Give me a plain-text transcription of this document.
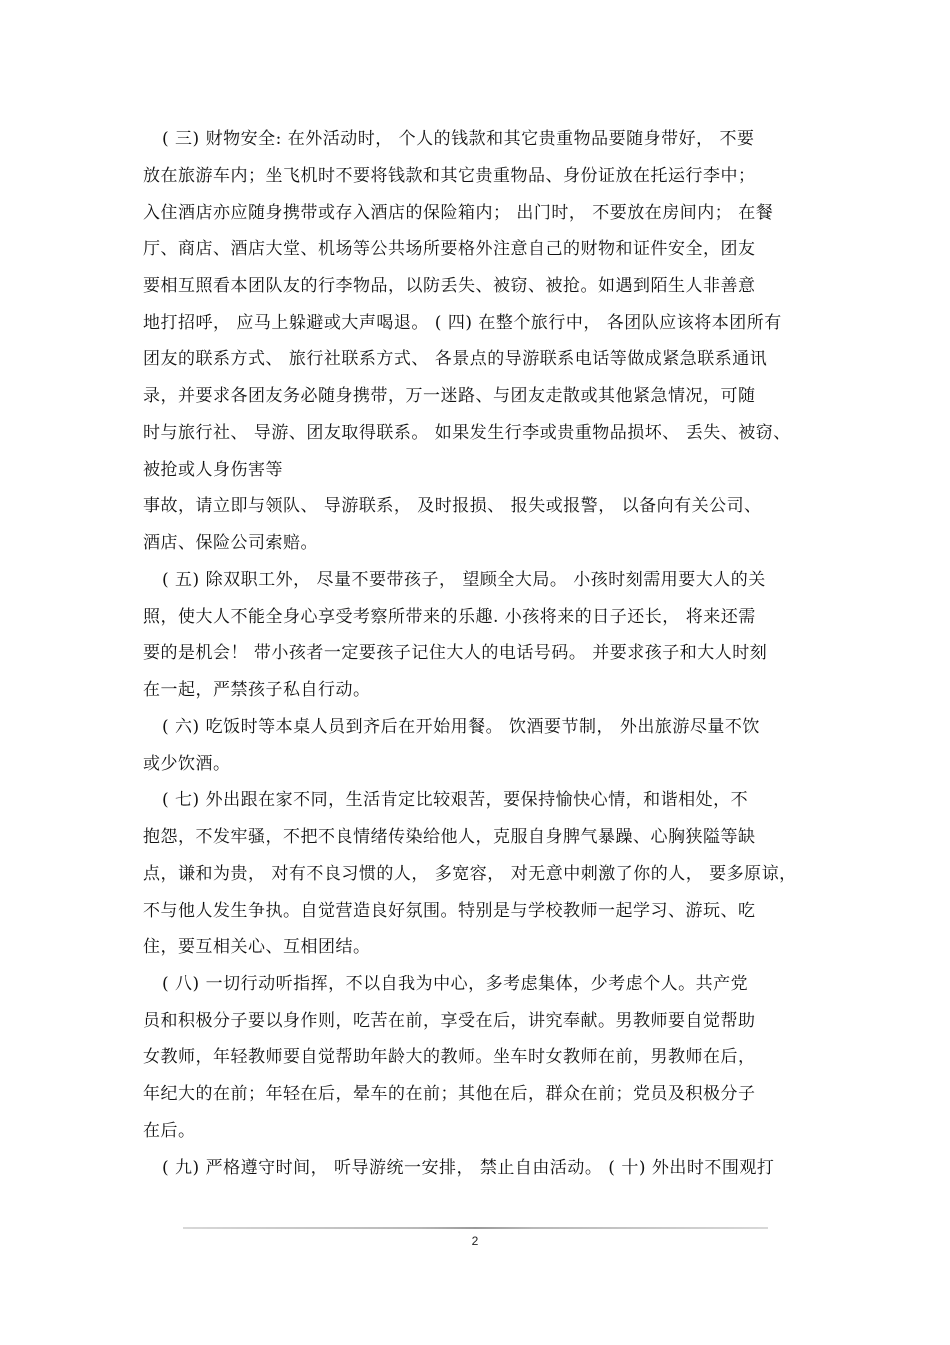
( 三) 财物安全: 在外活动时， 个人的钱款和其它贵重物品要随身带好， 不要
放在旅游车内；坐飞机时不要将钱款和其它贵重物品、身份证放在托运行李中；
入住酒店亦应随身携带或存入酒店的保险箱内； 出门时， 不要放在房间内； 在餐
厅、商店、酒店大堂、机场等公共场所要格外注意自己的财物和证件安全，团友
要相互照看本团队友的行李物品，以防丢失、被窃、被抢。如遇到陌生人非善意
地打招呼， 应马上躲避或大声喝退。 ( 四) 在整个旅行中， 各团队应该将本团所有
团友的联系方式、 旅行社联系方式、 各景点的导游联系电话等做成紧急联系通讯
录，并要求各团友务必随身携带，万一迷路、与团友走散或其他紧急情况，可随
时与旅行社、 导游、团友取得联系。 如果发生行李或贵重物品损坏、 丢失、被窃、
被抢或人身伤害等
事故，请立即与领队、 导游联系， 及时报损、 报失或报警， 以备向有关公司、
酒店、保险公司索赔。
( 五) 除双职工外， 尽量不要带孩子， 望顾全大局。 小孩时刻需用要大人的关
照，使大人不能全身心享受考察所带来的乐趣. 小孩将来的日子还长， 将来还需
要的是机会！ 带小孩者一定要孩子记住大人的电话号码。 并要求孩子和大人时刻
在一起，严禁孩子私自行动。
( 六) 吃饭时等本桌人员到齐后在开始用餐。 饮酒要节制， 外出旅游尽量不饮
或少饮酒。
( 七) 外出跟在家不同，生活肯定比较艰苦，要保持愉快心情，和谐相处，不
抱怨，不发牢骚，不把不良情绪传染给他人，克服自身脾气暴躁、心胸狭隘等缺
点，谦和为贵， 对有不良习惯的人， 多宽容， 对无意中刺激了你的人， 要多原谅，
不与他人发生争执。自觉营造良好氛围。特别是与学校教师一起学习、游玩、吃
住，要互相关心、互相团结。
( 八) 一切行动听指挥，不以自我为中心，多考虑集体，少考虑个人。共产党
员和积极分子要以身作则，吃苦在前，享受在后，讲究奉献。男教师要自觉帮助
女教师，年轻教师要自觉帮助年龄大的教师。坐车时女教师在前，男教师在后，
年纪大的在前；年轻在后，晕车的在前；其他在后，群众在前；党员及积极分子
在后。
( 九) 严格遵守时间， 听导游统一安排， 禁止自由活动。 ( 十) 外出时不围观打
2
